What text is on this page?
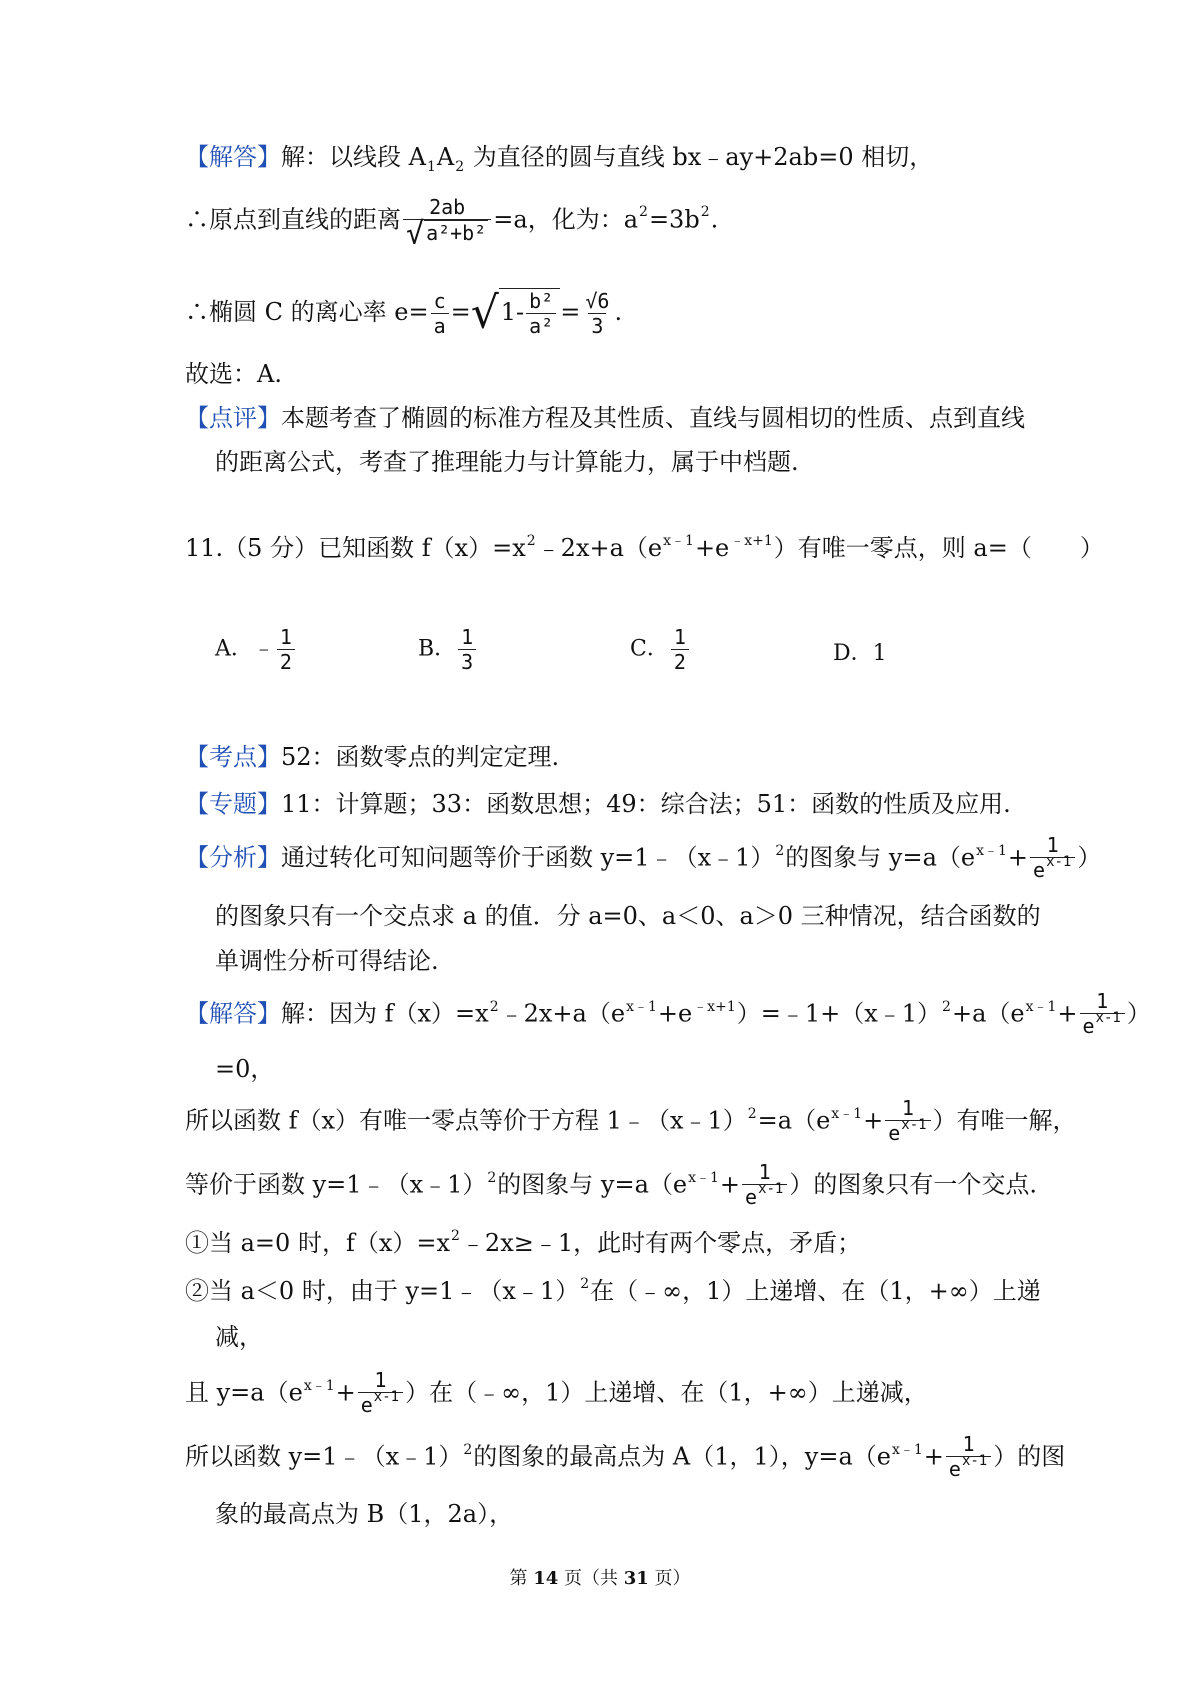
【解答】解：以线段 $A_1A_2$ 为直径的圆与直线 bx﹣ay+2ab=0 相切，
∴原点到直线的距离 $\frac{2ab}{\text{√ a²+b²}} =a$，化为：$a^2=3b^2$.
∴椭圆 C 的离心率 $e= \frac{c}{a} =√1- \frac{\text{b²}}{\text{a²}} = \frac{√6}{3}$ .
故选：A.
【点评】本题考查了椭圆的标准方程及其性质、直线与圆相切的性质、点到直线
的距离公式，考查了推理能力与计算能力，属于中档题.
11.（5 分）已知函数 $f(x)=x^2﹣2x+a(e^{x﹣1}+e^{﹣x+1})$有唯一零点，则 a=（　　）
A．﹣ $\frac{1}{2}$	B． $\frac{1}{3}$	C． $\frac{1}{2}$	D．1
【考点】52：函数零点的判定定理.
【专题】11：计算题；33：函数思想；49：综合法；51：函数的性质及应用.
【分析】通过转化可知问题等价于函数 y=1﹣（x﹣1）$^2$的图象与 $y=a(e^{x﹣1}+ \frac{1}{e^{x-1}}$ ）
的图象只有一个交点求 a 的值．分 a=0、a＜0、a＞0 三种情况，结合函数的
单调性分析可得结论.
【解答】解：因为 $f(x)=x^2﹣2x+a(e^{x﹣1}+e^{﹣x+1})=﹣1+(x﹣1)^2+a(e^{x﹣1}+ \frac{1}{e^{x-1}}$ ）
=0，
所以函数 f（x）有唯一零点等价于方程 $1﹣(x﹣1)^2=a(e^{x﹣1}+ \frac{1}{e^{x-1}}$ ）有唯一解，
等价于函数 y=1﹣（x﹣1）$^2$的图象与 $y=a(e^{x﹣1}+ \frac{1}{e^{x-1}}$ ）的图象只有一个交点.
①当 a=0 时，$f(x)=x^2﹣2x\ge﹣1$，此时有两个零点，矛盾；
②当 a＜0 时，由于 y=1﹣（x﹣1）$^2$在（﹣∞，1）上递增、在（1，+∞）上递
减，
且 $y=a(e^{x﹣1}+ \frac{1}{e^{x-1}}$ ）在（﹣∞，1）上递增、在（1，+∞）上递减，
所以函数 y=1﹣（x﹣1）$^2$的图象的最高点为 A（1，1），$y=a(e^{x﹣1}+ \frac{1}{e^{x-1}}$ ）的图
象的最高点为 B（1，2a），
第 14 页（共 31 页）
